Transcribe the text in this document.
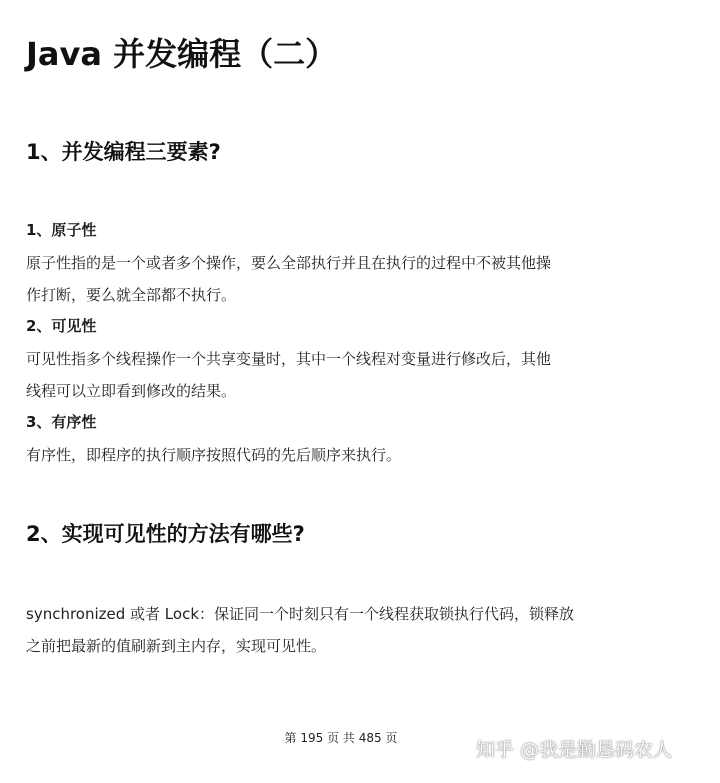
Java 并发编程（二）
1、并发编程三要素?
1、原子性

原子性指的是一个或者多个操作，要么全部执行并且在执行的过程中不被其他操
作打断，要么就全部都不执行。

2、可见性

可见性指多个线程操作一个共享变量时，其中一个线程对变量进行修改后，其他
线程可以立即看到修改的结果。

3、有序性

有序性，即程序的执行顺序按照代码的先后顺序来执行。

2、实现可见性的方法有哪些?

synchronized 或者 Lock：保证同一个时刻只有一个线程获取锁执行代码，锁释放
之前把最新的值刷新到主内存，实现可见性。

第 195 页 共 485 页
知乎 @我是勤恳码农人
